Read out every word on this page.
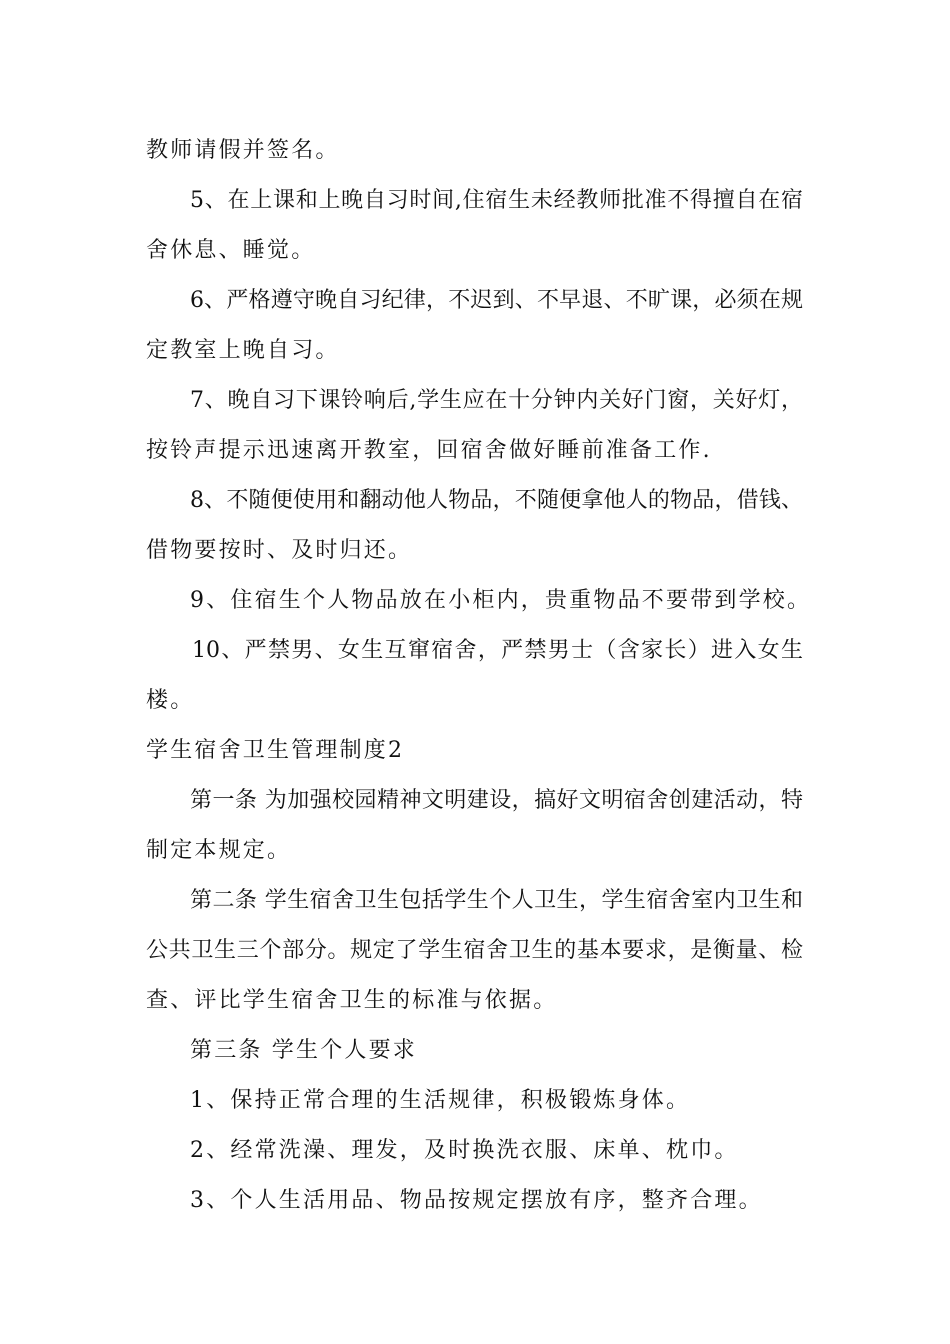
教师请假并签名。
5、在上课和上晚自习时间,住宿生未经教师批准不得擅自在宿
舍休息、睡觉。
6、严格遵守晚自习纪律，不迟到、不早退、不旷课，必须在规
定教室上晚自习。
7、晚自习下课铃响后,学生应在十分钟内关好门窗，关好灯，
按铃声提示迅速离开教室，回宿舍做好睡前准备工作.
8、不随便使用和翻动他人物品，不随便拿他人的物品，借钱、
借物要按时、及时归还。
9、住宿生个人物品放在小柜内，贵重物品不要带到学校。
10、严禁男、女生互窜宿舍，严禁男士（含家长）进入女生
楼。
学生宿舍卫生管理制度2
第一条 为加强校园精神文明建设，搞好文明宿舍创建活动，特
制定本规定。
第二条 学生宿舍卫生包括学生个人卫生，学生宿舍室内卫生和
公共卫生三个部分。规定了学生宿舍卫生的基本要求，是衡量、检
查、评比学生宿舍卫生的标准与依据。
第三条 学生个人要求
1、保持正常合理的生活规律，积极锻炼身体。
2、经常洗澡、理发，及时换洗衣服、床单、枕巾。
3、个人生活用品、物品按规定摆放有序，整齐合理。
